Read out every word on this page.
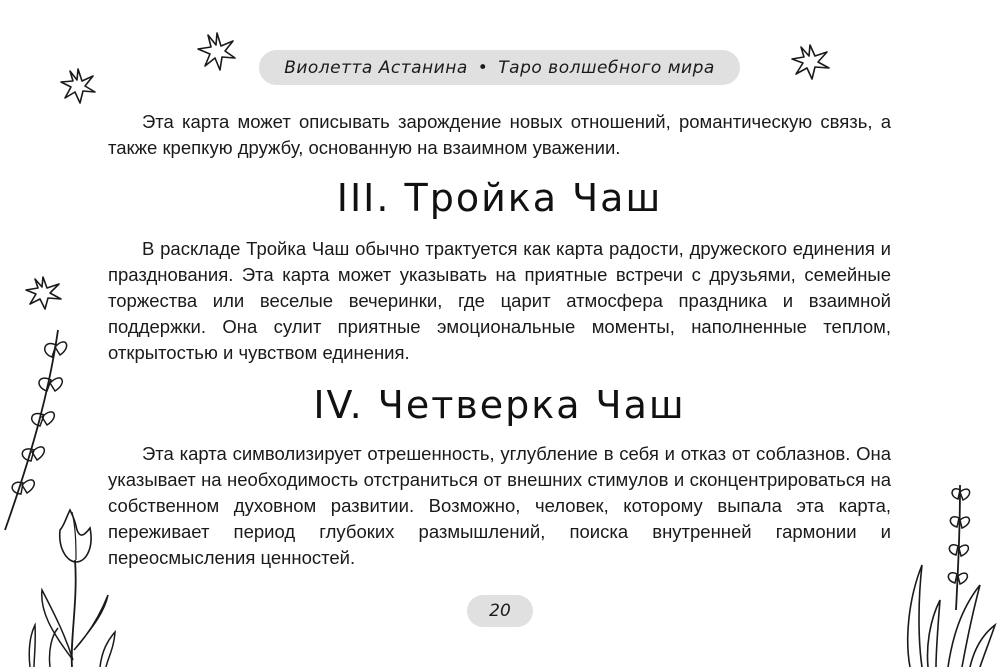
Виолетта Астанина • Таро волшебного мира

Эта карта может описывать зарождение новых отношений, романтическую связь, а также крепкую дружбу, основанную на взаимном уважении.

III. Тройка Чаш

В раскладе Тройка Чаш обычно трактуется как карта радости, дружеского единения и празднования. Эта карта может указывать на приятные встречи с друзьями, семейные торжества или веселые вечеринки, где царит атмосфера праздника и взаимной поддержки. Она сулит приятные эмоциональные моменты, наполненные теплом, открытостью и чувством единения.

IV. Четверка Чаш

Эта карта символизирует отрешенность, углубление в себя и отказ от соблазнов. Она указывает на необходимость отстраниться от внешних стимулов и сконцентрироваться на собственном духовном развитии. Возможно, человек, которому выпала эта карта, переживает период глубоких размышлений, поиска внутренней гармонии и переосмысления ценностей.

20
